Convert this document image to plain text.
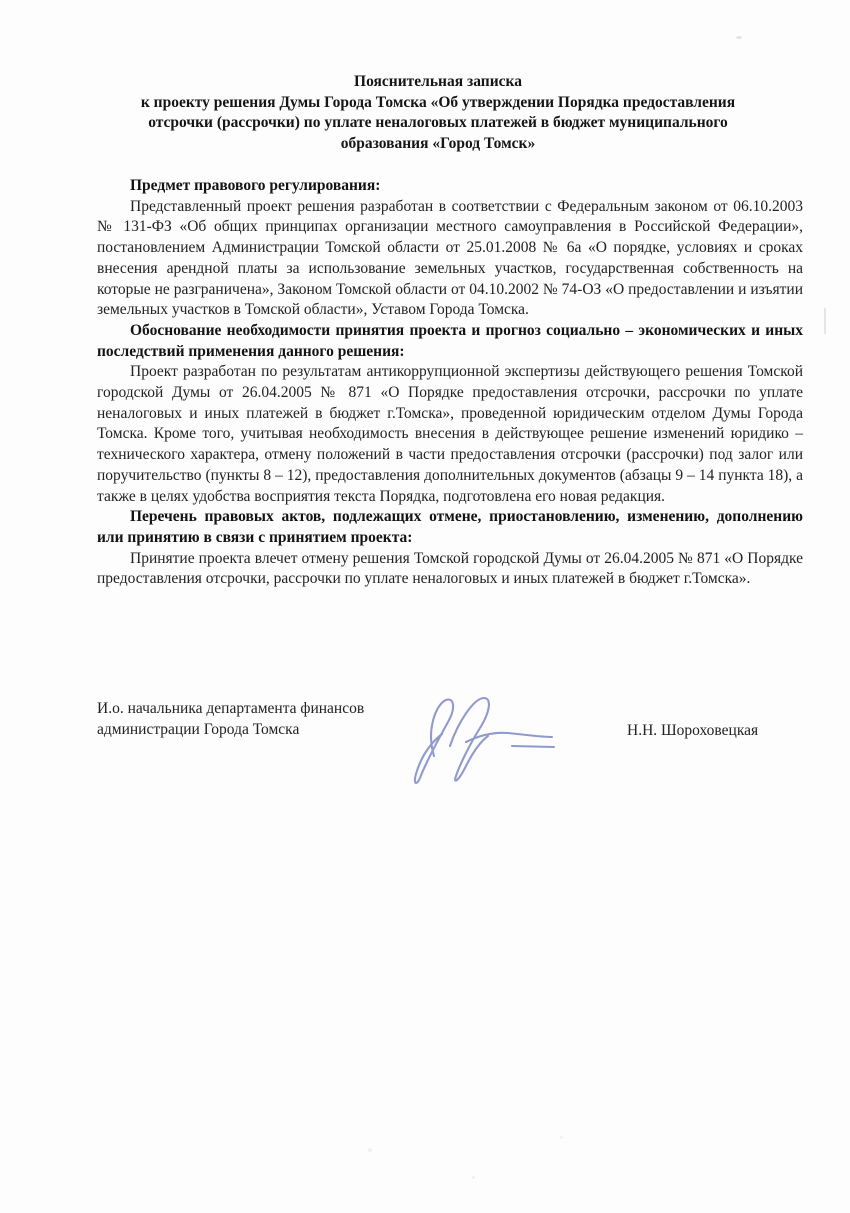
Пояснительная записка
к проекту решения Думы Города Томска «Об утверждении Порядка предоставления
отсрочки (рассрочки) по уплате неналоговых платежей в бюджет муниципального
образования «Город Томск»

Предмет правового регулирования:

Представленный проект решения разработан в соответствии с Федеральным законом от 06.10.2003 № 131-ФЗ «Об общих принципах организации местного самоуправления в Российской Федерации», постановлением Администрации Томской области от 25.01.2008 № 6а «О порядке, условиях и сроках внесения арендной платы за использование земельных участков, государственная собственность на которые не разграничена», Законом Томской области от 04.10.2002 № 74-ОЗ «О предоставлении и изъятии земельных участков в Томской области», Уставом Города Томска.

Обоснование необходимости принятия проекта и прогноз социально – экономических и иных последствий применения данного решения:

Проект разработан по результатам антикоррупционной экспертизы действующего решения Томской городской Думы от 26.04.2005 № 871 «О Порядке предоставления отсрочки, рассрочки по уплате неналоговых и иных платежей в бюджет г.Томска», проведенной юридическим отделом Думы Города Томска. Кроме того, учитывая необходимость внесения в действующее решение изменений юридико – технического характера, отмену положений в части предоставления отсрочки (рассрочки) под залог или поручительство (пункты 8 – 12), предоставления дополнительных документов (абзацы 9 – 14 пункта 18), а также в целях удобства восприятия текста Порядка, подготовлена его новая редакция.

Перечень правовых актов, подлежащих отмене, приостановлению, изменению, дополнению или принятию в связи с принятием проекта:

Принятие проекта влечет отмену решения Томской городской Думы от 26.04.2005 № 871 «О Порядке предоставления отсрочки, рассрочки по уплате неналоговых и иных платежей в бюджет г.Томска».

И.о. начальника департамента финансов
администрации Города Томска	Н.Н. Шороховецкая
